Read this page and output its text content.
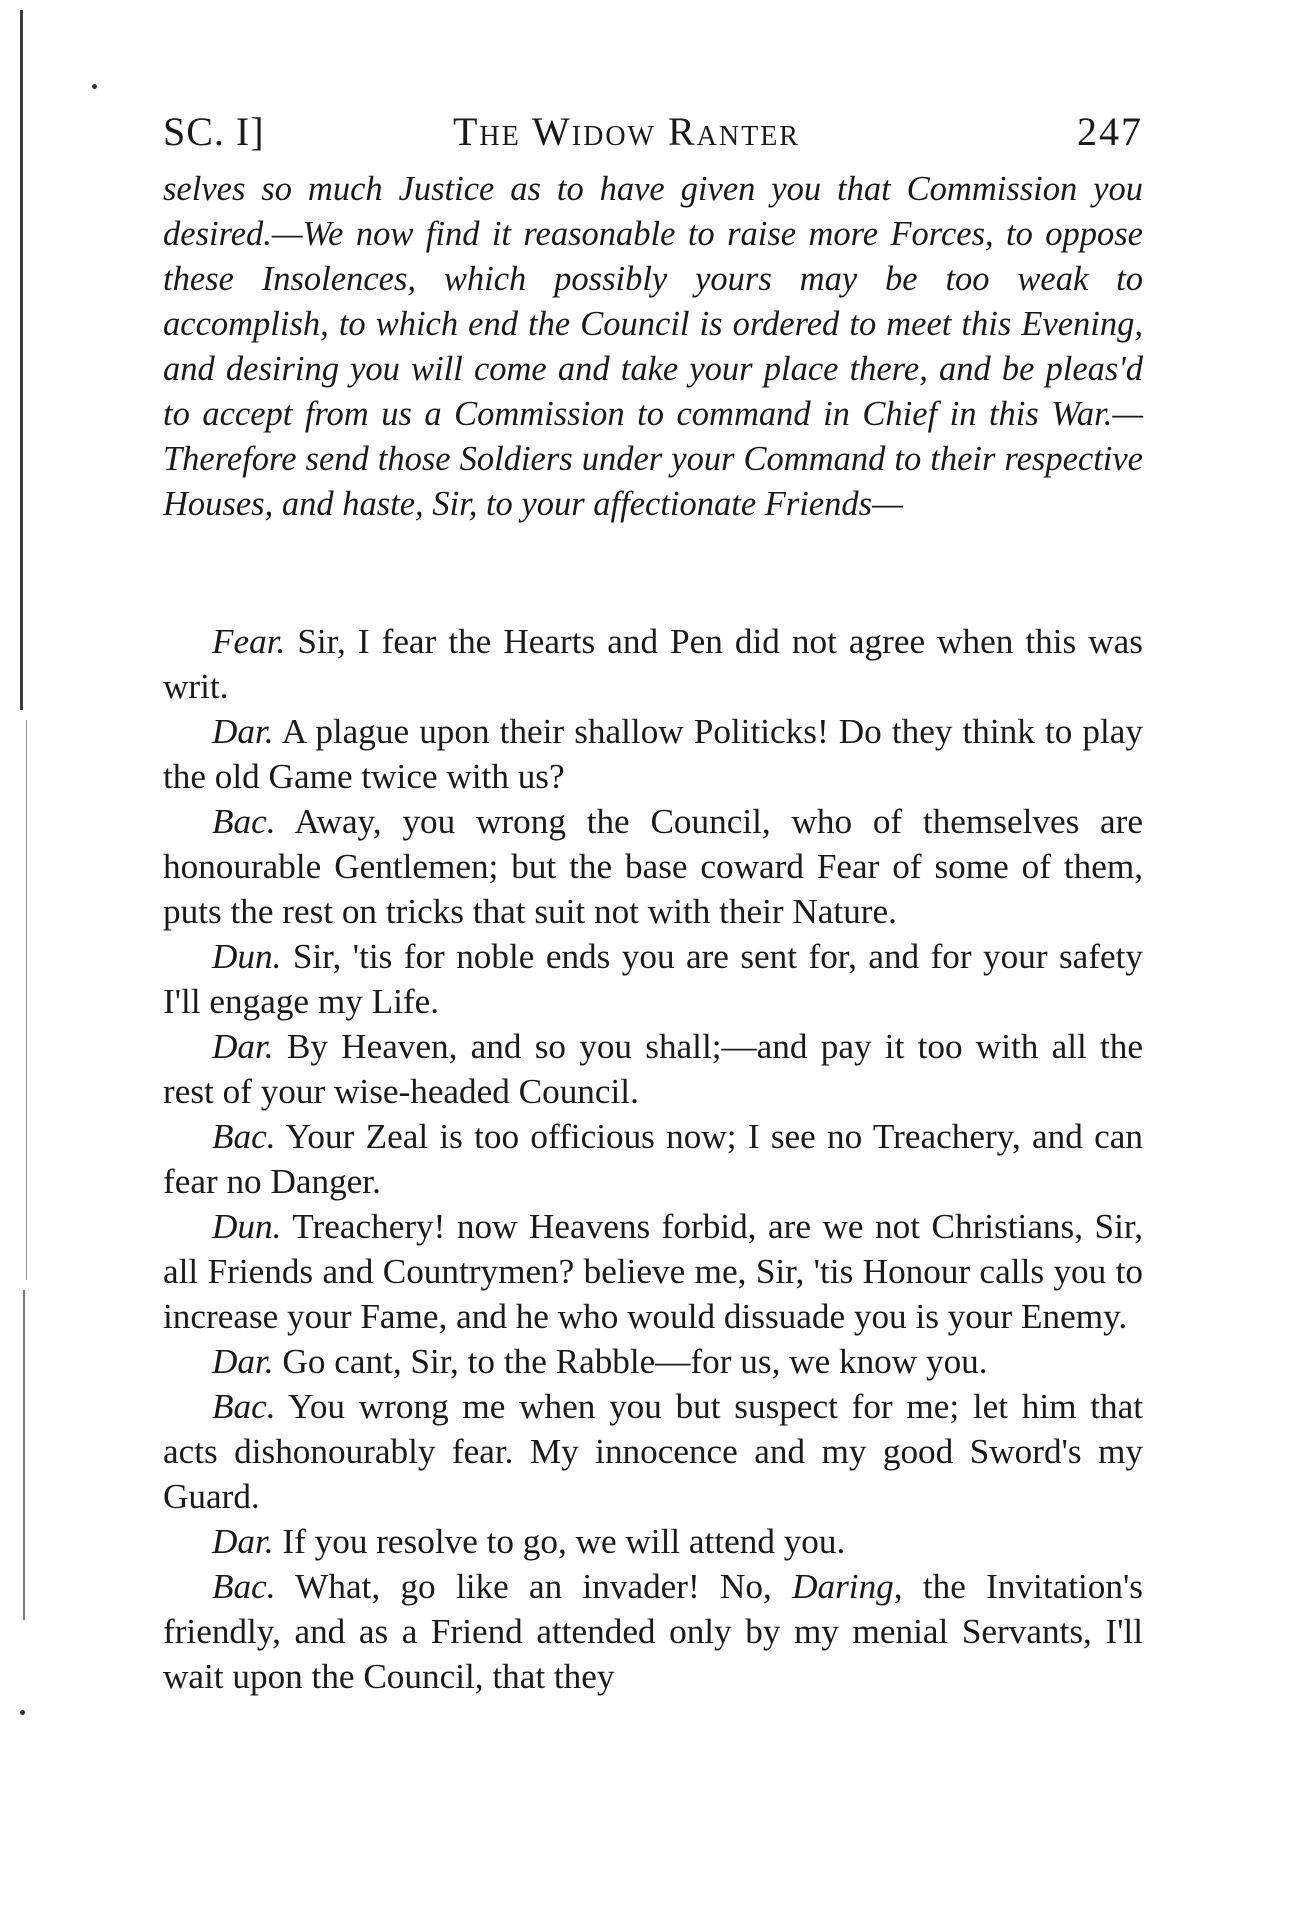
SC. I]	The Widow Ranter	247

selves so much Justice as to have given you that Commission you desired.—We now find it reasonable to raise more Forces, to oppose these Insolences, which possibly yours may be too weak to accomplish, to which end the Council is ordered to meet this Evening, and desiring you will come and take your place there, and be pleas'd to accept from us a Commission to command in Chief in this War.—Therefore send those Soldiers under your Command to their respective Houses, and haste, Sir, to your affectionate Friends—

Fear. Sir, I fear the Hearts and Pen did not agree when this was writ.

Dar. A plague upon their shallow Politicks! Do they think to play the old Game twice with us?

Bac. Away, you wrong the Council, who of themselves are honourable Gentlemen; but the base coward Fear of some of them, puts the rest on tricks that suit not with their Nature.

Dun. Sir, 'tis for noble ends you are sent for, and for your safety I'll engage my Life.

Dar. By Heaven, and so you shall;—and pay it too with all the rest of your wise-headed Council.

Bac. Your Zeal is too officious now; I see no Treachery, and can fear no Danger.

Dun. Treachery! now Heavens forbid, are we not Christians, Sir, all Friends and Countrymen? believe me, Sir, 'tis Honour calls you to increase your Fame, and he who would dissuade you is your Enemy.

Dar. Go cant, Sir, to the Rabble—for us, we know you.

Bac. You wrong me when you but suspect for me; let him that acts dishonourably fear. My innocence and my good Sword's my Guard.

Dar. If you resolve to go, we will attend you.

Bac. What, go like an invader! No, Daring, the Invitation's friendly, and as a Friend attended only by my menial Servants, I'll wait upon the Council, that they
